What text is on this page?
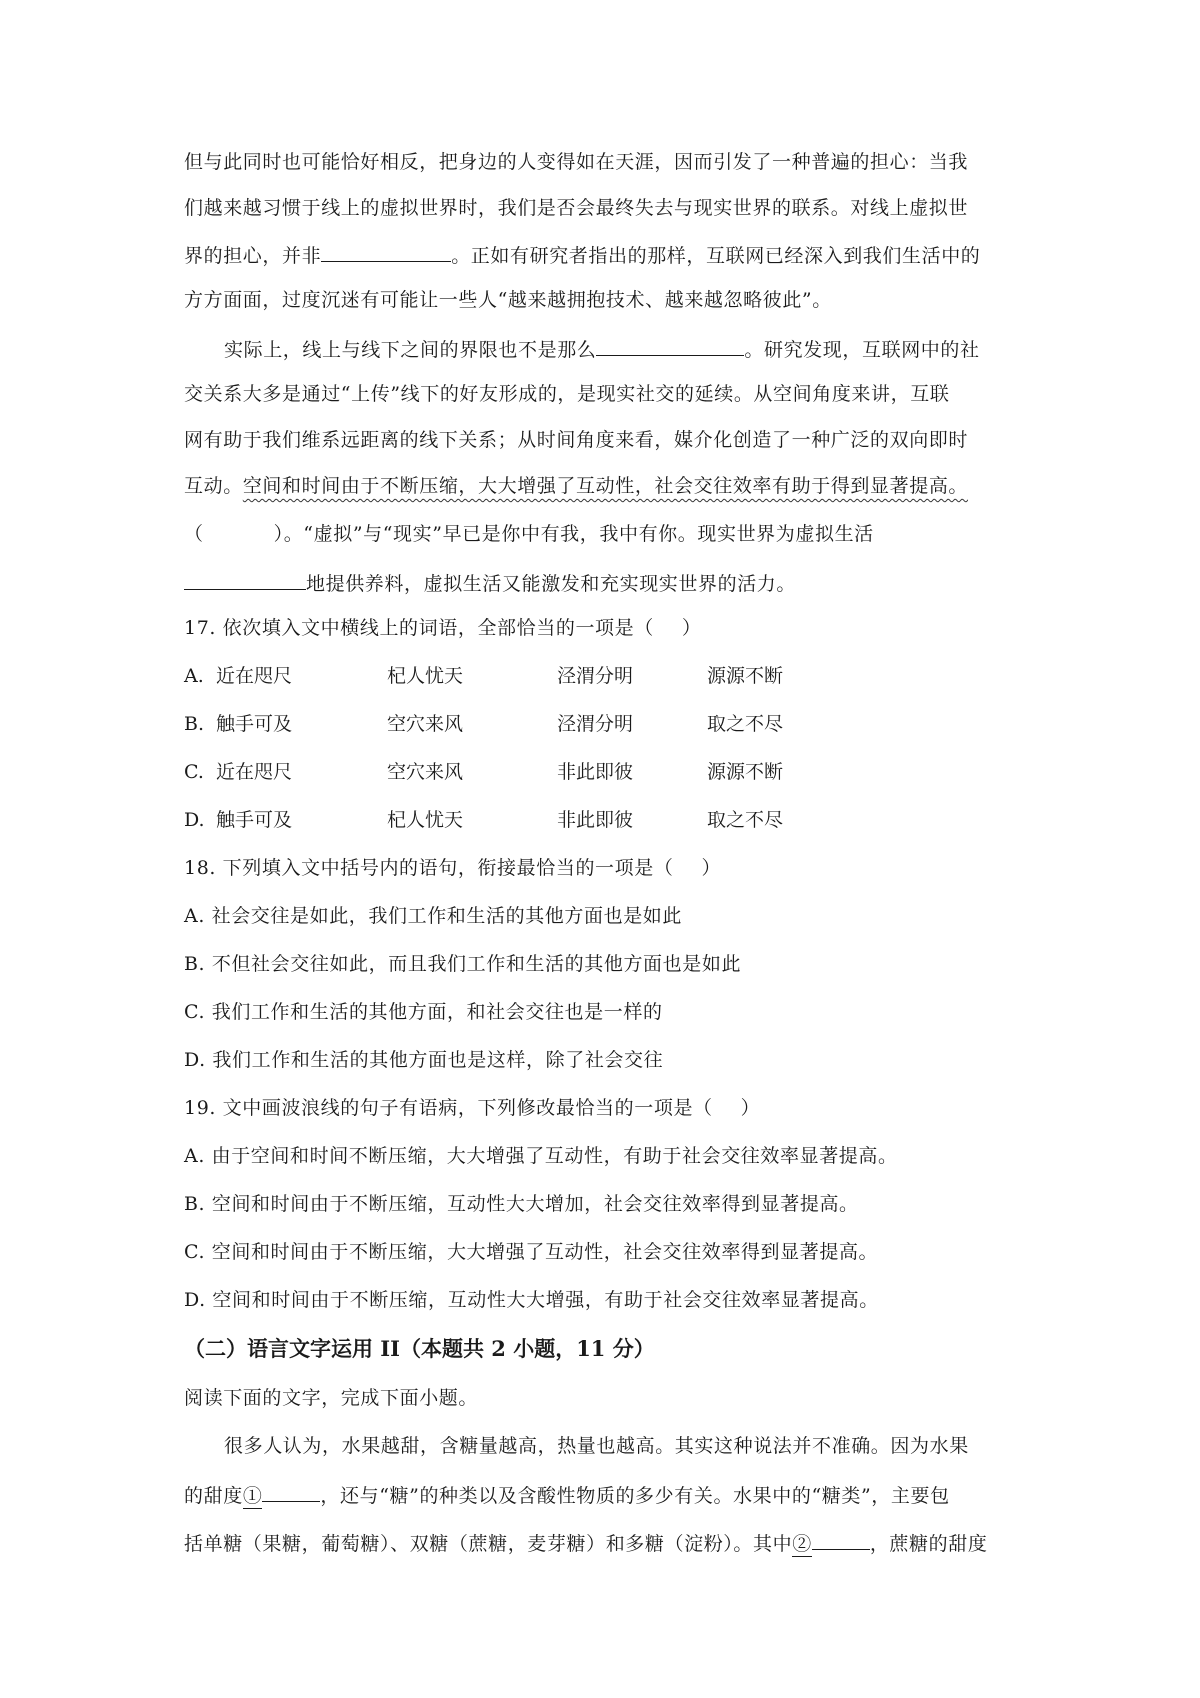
但与此同时也可能恰好相反，把身边的人变得如在天涯，因而引发了一种普遍的担心：当我
们越来越习惯于线上的虚拟世界时，我们是否会最终失去与现实世界的联系。对线上虚拟世
界的担心，并非	。正如有研究者指出的那样，互联网已经深入到我们生活中的
方方面面，过度沉迷有可能让一些人“越来越拥抱技术、越来越忽略彼此”。
实际上，线上与线下之间的界限也不是那么	。研究发现，互联网中的社
交关系大多是通过“上传”线下的好友形成的，是现实社交的延续。从空间角度来讲，互联
网有助于我们维系远距离的线下关系；从时间角度来看，媒介化创造了一种广泛的双向即时
互动。空间和时间由于不断压缩，大大增强了互动性，社会交往效率有助于得到显著提高。
（	）。“虚拟”与“现实”早已是你中有我，我中有你。现实世界为虚拟生活
地提供养料，虚拟生活又能激发和充实现实世界的活力。
17. 依次填入文中横线上的词语，全部恰当的一项是（ ）
A. 近在咫尺	杞人忧天	泾渭分明	源源不断
B. 触手可及	空穴来风	泾渭分明	取之不尽
C. 近在咫尺	空穴来风	非此即彼	源源不断
D. 触手可及	杞人忧天	非此即彼	取之不尽
18. 下列填入文中括号内的语句，衔接最恰当的一项是（ ）
A. 社会交往是如此，我们工作和生活的其他方面也是如此
B. 不但社会交往如此，而且我们工作和生活的其他方面也是如此
C. 我们工作和生活的其他方面，和社会交往也是一样的
D. 我们工作和生活的其他方面也是这样，除了社会交往
19. 文中画波浪线的句子有语病，下列修改最恰当的一项是（ ）
A. 由于空间和时间不断压缩，大大增强了互动性，有助于社会交往效率显著提高。
B. 空间和时间由于不断压缩，互动性大大增加，社会交往效率得到显著提高。
C. 空间和时间由于不断压缩，大大增强了互动性，社会交往效率得到显著提高。
D. 空间和时间由于不断压缩，互动性大大增强，有助于社会交往效率显著提高。
（二）语言文字运用 II（本题共 2 小题，11 分）
阅读下面的文字，完成下面小题。
很多人认为，水果越甜，含糖量越高，热量也越高。其实这种说法并不准确。因为水果
的甜度①	，还与“糖”的种类以及含酸性物质的多少有关。水果中的“糖类”，主要包
括单糖（果糖，葡萄糖）、双糖（蔗糖，麦芽糖）和多糖（淀粉）。其中②	，蔗糖的甜度
